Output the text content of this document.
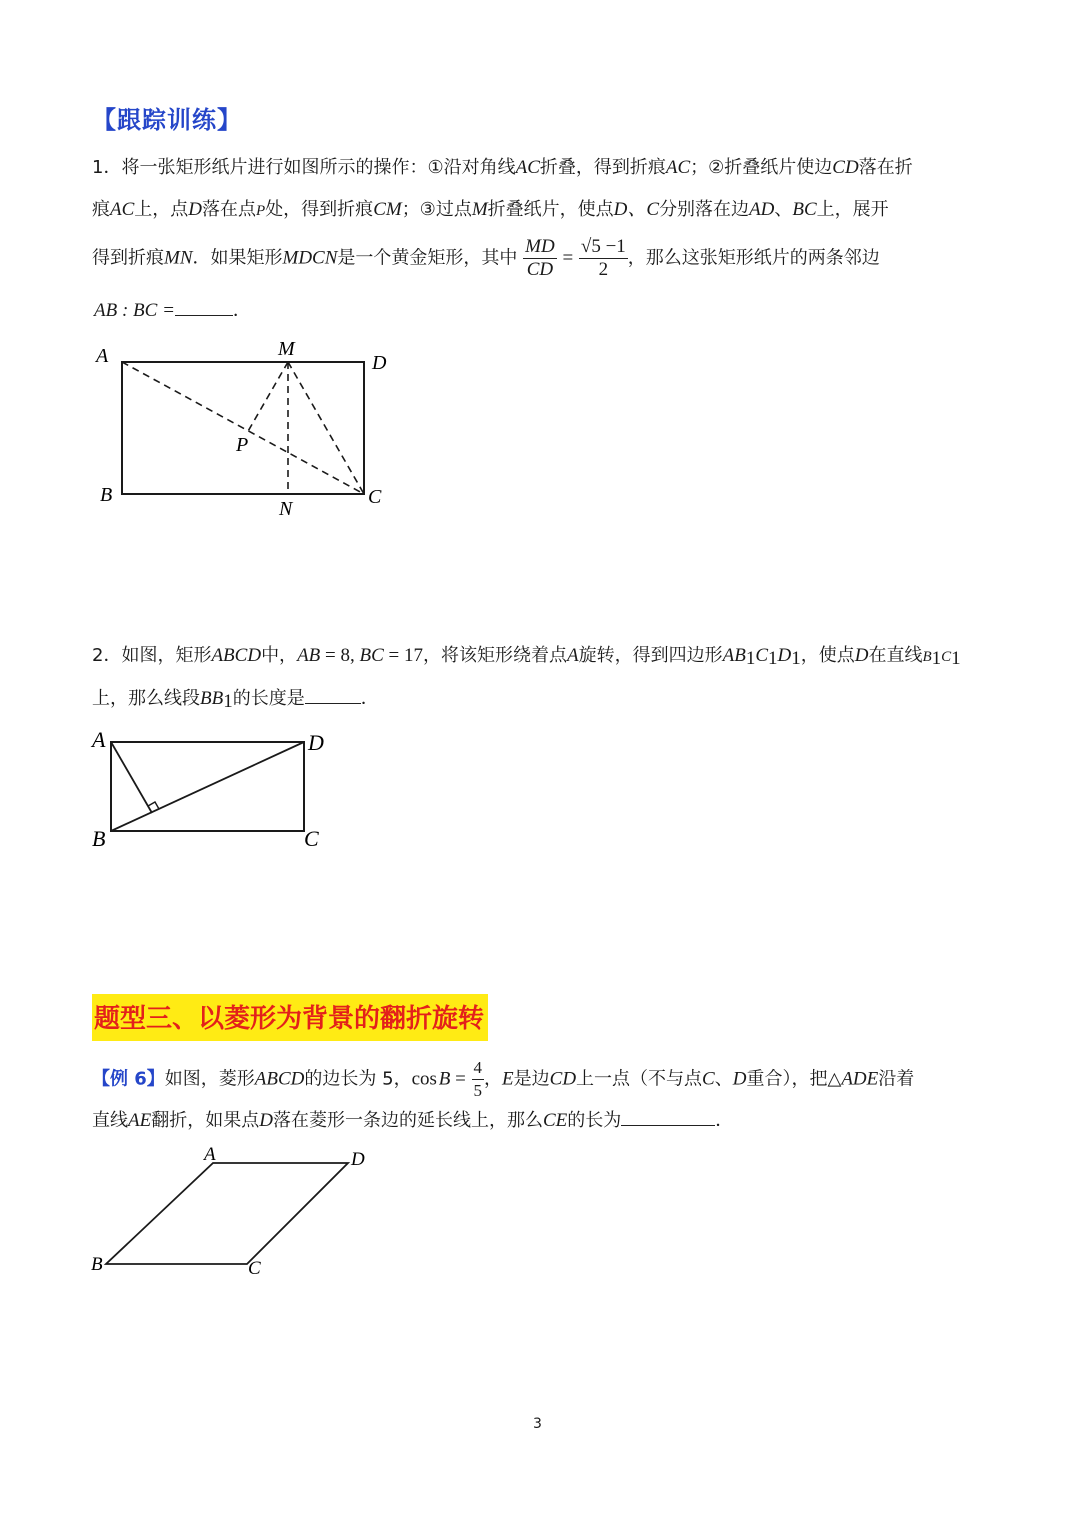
【跟踪训练】
1．将一张矩形纸片进行如图所示的操作：①沿对角线AC折叠，得到折痕AC；②折叠纸片使边CD落在折
痕AC上，点D落在点P处，得到折痕CM；③过点M折叠纸片，使点D、C分别落在边AD、BC上，展开
得到折痕MN．如果矩形MDCN是一个黄金矩形，其中 $\frac{MD}{CD} = \frac{√5 -1}{2}$ ，那么这张矩形纸片的两条邻边
AB : BC =	．
A	M
D
P
B
N
C
2．如图，矩形ABCD中，AB = 8, BC = 17，将该矩形绕着点A旋转，得到四边形$AB_1C_1D_1$，使点D在直线$B_1C_1$
上，那么线段$BB_1$的长度是	．
A	D
B	C
题型三、以菱形为背景的翻折旋转
【例 6】如图，菱形ABCD的边长为 5，cos $B = \frac{4}{5}$ ，E是边CD上一点（不与点C、D重合），把△ADE沿着
直线AE翻折，如果点D落在菱形一条边的延长线上，那么CE的长为	．
A	D
B	C
3
